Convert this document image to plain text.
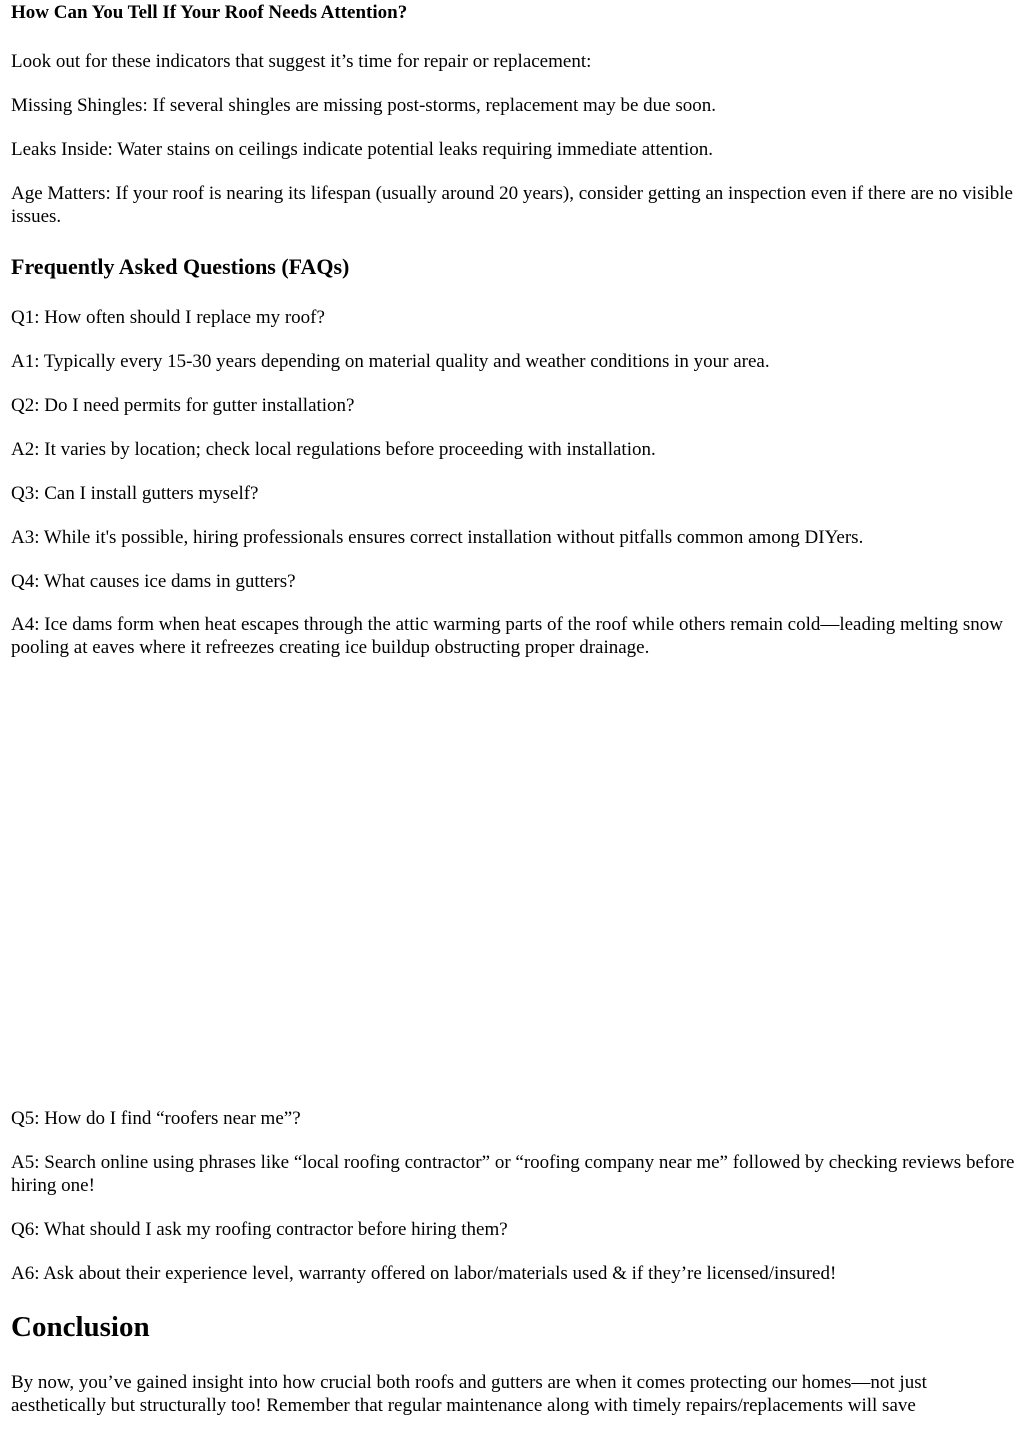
How Can You Tell If Your Roof Needs Attention?

Look out for these indicators that suggest it’s time for repair or replacement:

Missing Shingles: If several shingles are missing post-storms, replacement may be due soon.

Leaks Inside: Water stains on ceilings indicate potential leaks requiring immediate attention.

Age Matters: If your roof is nearing its lifespan (usually around 20 years), consider getting an inspection even if there are no visible issues.

Frequently Asked Questions (FAQs)

Q1: How often should I replace my roof?

A1: Typically every 15-30 years depending on material quality and weather conditions in your area.

Q2: Do I need permits for gutter installation?

A2: It varies by location; check local regulations before proceeding with installation.

Q3: Can I install gutters myself?

A3: While it's possible, hiring professionals ensures correct installation without pitfalls common among DIYers.

Q4: What causes ice dams in gutters?

A4: Ice dams form when heat escapes through the attic warming parts of the roof while others remain cold—leading melting snow pooling at eaves where it refreezes creating ice buildup obstructing proper drainage.

Q5: How do I find “roofers near me”?

A5: Search online using phrases like “local roofing contractor” or “roofing company near me” followed by checking reviews before hiring one!

Q6: What should I ask my roofing contractor before hiring them?

A6: Ask about their experience level, warranty offered on labor/materials used & if they’re licensed/insured!

Conclusion

By now, you’ve gained insight into how crucial both roofs and gutters are when it comes protecting our homes—not just aesthetically but structurally too! Remember that regular maintenance along with timely repairs/replacements will save
